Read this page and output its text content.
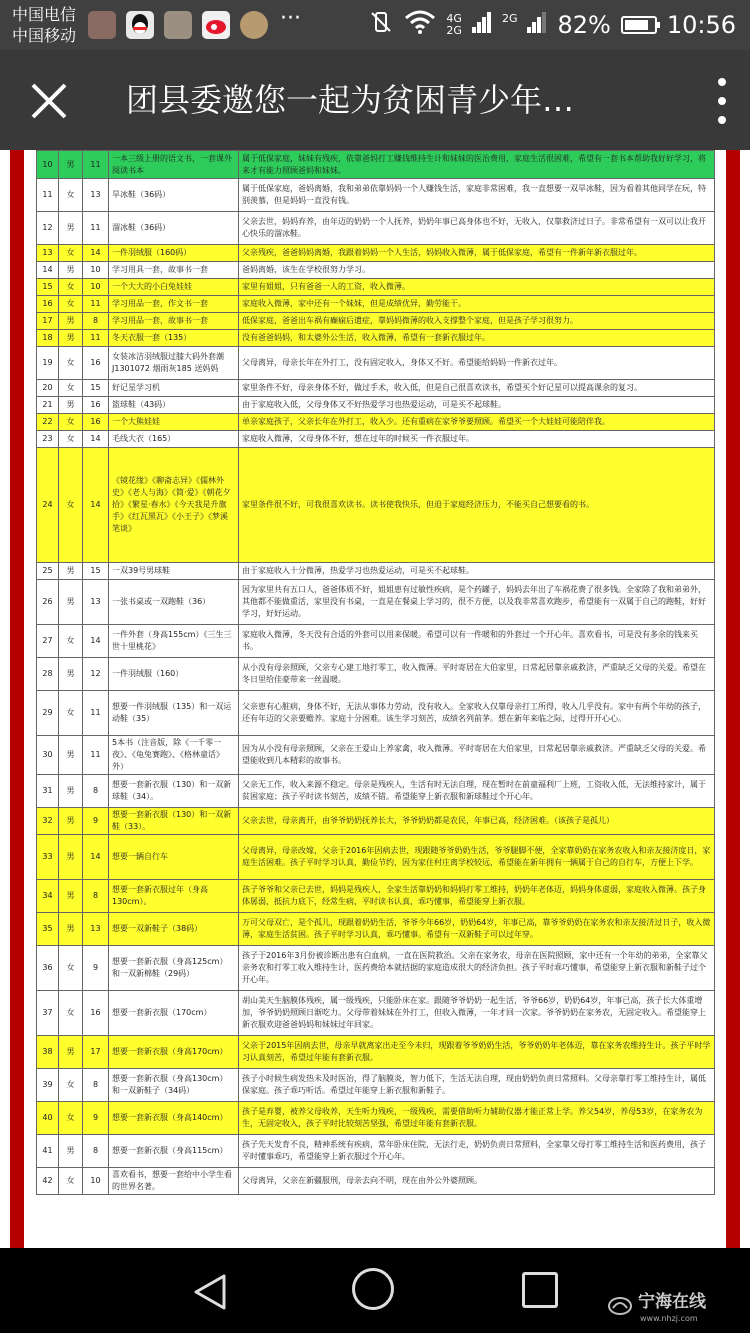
中国电信
中国移动
···	4G
2G
2G 82% 10:56
团县委邀您一起为贫困青少年…
10	男	11	一本三级上册的语文书，一套课外阅读书本	属于低保家庭，妹妹有残疾，依靠爸妈打工赚钱维持生计和妹妹的医治费用，家庭生活很困难，希望有一套书本帮助我好好学习，将来才有能力照顾爸妈和妹妹。
11	女	13	旱冰鞋（36码）	属于低保家庭，爸妈离婚，我和弟弟依靠妈妈一个人赚钱生活，家庭非常困难，我一直想要一双旱冰鞋，因为看着其他同学在玩，特别羡慕，但是妈妈一直没有钱。
12	男	11	溜冰鞋（36码）	父亲去世，妈妈弃养，由年迈的奶奶一个人抚养，奶奶年事已高身体也不好，无收入，仅靠救济过日子。非常希望有一双可以让我开心快乐的溜冰鞋。
13	女	14	一件羽绒服（160码）	父亲残疾，爸爸妈妈离婚，我跟着妈妈一个人生活，妈妈收入微薄，属于低保家庭，希望有一件新年新衣服过年。
14	男	10	学习用具一套，故事书一套	爸妈离婚，该生在学校很努力学习。
15	女	10	一个大大的小白兔娃娃	家里有姐姐，只有爸爸一人的工资，收入微薄。
16	女	11	学习用品一套，作文书一套	家庭收入微薄，家中还有一个妹妹，但是成绩优异，勤劳能干。
17	男	8	学习用品一套，故事书一套	低保家庭，爸爸出车祸有癫痫后遗症，靠妈妈微薄的收入支撑整个家庭，但是孩子学习很努力。
18	男	11	冬天衣服一套（135）	没有爸爸妈妈，和太婆外公生活，收入微薄，希望有一套新衣服过年。
19	女	16	女装冰洁羽绒服过膝大码外套潮J1301072 烟雨灰185 送妈妈	父母离异，母亲长年在外打工，没有固定收入，身体又不好。希望能给妈妈一件新衣过年。
20	女	15	好记星学习机	家里条件不好，母亲身体不好，做过手术，收入低，但是自己很喜欢读书，希望买个好记星可以提高课余的复习。
21	男	16	篮球鞋（43码）	由于家庭收入低，父母身体又不好热爱学习也热爱运动，可是买不起球鞋。
22	女	16	一个大熊娃娃	单亲家庭孩子，父亲长年在外打工，收入少。还有重病在家爷爷要照顾。希望买一个大娃娃可能陪伴我。
23	女	14	毛线大衣（165）	家庭收入微薄，父母身体不好，想在过年的时候买一件衣服过年。
24	女	14	《镜花缘》《聊斋志异》《儒林外史》《老人与海》《简·爱》《朝花夕拾》《繁星·春水》《今天我是升旗手》《红瓦黑瓦》《小王子》《梦溪笔谈》	家里条件很不好，可我很喜欢读书。读书使我快乐，但迫于家庭经济压力，不能买自己想要看的书。
25	男	15	一双39号男球鞋	由于家庭收入十分微薄，热爱学习也热爱运动，可是买不起球鞋。
26	男	13	一张书桌或一双跑鞋（36）	因为家里共有五口人，爸爸体质不好，姐姐患有过敏性疾病，是个药罐子，妈妈去年出了车祸花费了很多钱。全家除了我和弟弟外，其他都不能做重活，家里没有书桌，一直是在餐桌上学习的，很不方便，以及我非常喜欢跑步，希望能有一双属于自己的跑鞋，好好学习，好好运动。
27	女	14	一件外套（身高155cm）《三生三世十里桃花》	家庭收入微薄，冬天没有合适的外套可以用来保暖。希望可以有一件暖和的外套过一个开心年。喜欢看书，可是没有多余的钱来买书。
28	男	12	一件羽绒服（160）	从小没有母亲照顾，父亲专心建工地打零工，收入微薄。平时寄居在大伯家里，日常起居靠亲戚救济，严重缺乏父母的关爱。希望在冬日里给佳豪带来一丝温暖。
29	女	11	想要一件羽绒服（135）和一双运动鞋（35）	父亲患有心脏病，身体不好，无法从事体力劳动，没有收入。全家收入仅靠母亲打工所得，收入几乎没有。家中有两个年幼的孩子，还有年迈的父亲要赡养。家庭十分困难。该生学习刻苦，成绩名列前茅。想在新年来临之际，过得开开心心。
30	男	11	5本书（注音版，除《一千零一夜》、《龟兔赛跑》、《格林童话》外）	因为从小没有母亲照顾，父亲在王爱山上养家禽，收入微薄。平时寄居在大伯家里，日常起居靠亲戚救济。严重缺乏父母的关爱。希望能收到几本精彩的故事书。
31	男	8	想要一套新衣服（130）和一双新球鞋（34）。	父亲无工作，收入来源不稳定。母亲是残疾人，生活有时无法自理，现在暂时在前童福利厂上班，工资收入低，无法维持家计，属于贫困家庭；孩子平时读书刻苦，成绩不错。希望能穿上新衣服和新球鞋过个开心年。
32	男	9	想要一套新衣服（130）和一双新鞋（33）。	父亲去世，母亲离开，由爷爷奶奶抚养长大，爷爷奶奶都是农民，年事已高，经济困难。（该孩子是孤儿）
33	男	14	想要一辆自行车	父母离异，母亲改嫁，父亲于2016年因病去世，现跟随爷爷奶奶生活，爷爷腿脚不便，全家靠奶奶在家务农收入和亲友接济度日，家庭生活困难。孩子平时学习认真，勤俭节约，因为家住村庄离学校较远，希望能在新年拥有一辆属于自己的自行车，方便上下学。
34	男	8	想要一套新衣服过年（身高130cm）。	孩子爷爷和父亲已去世，妈妈是残疾人，全家生活靠奶奶和妈妈打零工维持，奶奶年老体迈，妈妈身体虚弱，家庭收入微薄。孩子身体孱弱，抵抗力底下，经常生病，平时读书认真，乖巧懂事，希望能穿上新衣服。
35	男	13	想要一双新鞋子（38码）	万可父母双亡，是个孤儿，现跟着奶奶生活，爷爷今年66岁，奶奶64岁，年事已高，靠爷爷奶奶在家务农和亲友接济过日子，收入微薄，家庭生活贫困。孩子平时学习认真，乖巧懂事。希望有一双新鞋子可以过年穿。
36	女	9	想要一套新衣服（身高125cm）和一双新棉鞋（29码）	孩子于2016年3月份被诊断出患有白血病，一直在医院救治。父亲在家务农，母亲在医院照顾，家中还有一个年幼的弟弟，全家靠父亲务农和打零工收入维持生计，医药费给本就拮据的家庭造成很大的经济负担。孩子平时乖巧懂事，希望能穿上新衣服和新鞋子过个开心年。
37	女	16	想要一套新衣服（170cm）	胡山美天生脑膜体残疾，属一级残疾，只能卧床在家。跟随爷爷奶奶一起生活，爷爷66岁，奶奶64岁，年事已高，孩子长大体重增加，爷爷奶奶照顾日渐吃力。父母带着妹妹在外打工，但收入微薄，一年才回一次家。爷爷奶奶在家务农，无固定收入。希望能穿上新衣服欢迎爸爸妈妈和妹妹过年回家。
38	男	17	想要一套新衣服（身高170cm）	父亲于2015年因病去世，母亲早就离家出走至今未归，现跟着爷爷奶奶生活，爷爷奶奶年老体迈，靠在家务农维持生计。孩子平时学习认真刻苦，希望过年能有套新衣服。
39	女	8	想要一套新衣服（身高130cm）和一双新鞋子（34码）	孩子小时候生病发热未及时医治，得了脑膜炎，智力低下，生活无法自理，现由奶奶负责日常照料。父母亲靠打零工维持生计，属低保家庭。孩子乖巧听话。希望过年能穿上新衣服和新鞋子。
40	女	9	想要一套新衣服（身高140cm）	孩子是弃婴，被养父母收养，天生听力残疾，一级残疾，需要借助听力辅助仪器才能正常上学。养父54岁，养母53岁，在家务农为生，无固定收入，孩子平时比较刻苦坚强，希望过年能有套新衣服。
41	男	8	想要一套新衣服（身高115cm）	孩子先天发育不良，精神系统有疾病，常年卧床住院，无法行走，奶奶负责日常照料，全家靠父母打零工维持生活和医药费用，孩子平时懂事乖巧，希望能穿上新衣服过个开心年。
42	女	10	喜欢看书，想要一套给中小学生看的世界名著。	父母离异，父亲在新疆服刑，母亲去向不明，现在由外公外婆照顾。
宁海在线
www.nhzj.com
